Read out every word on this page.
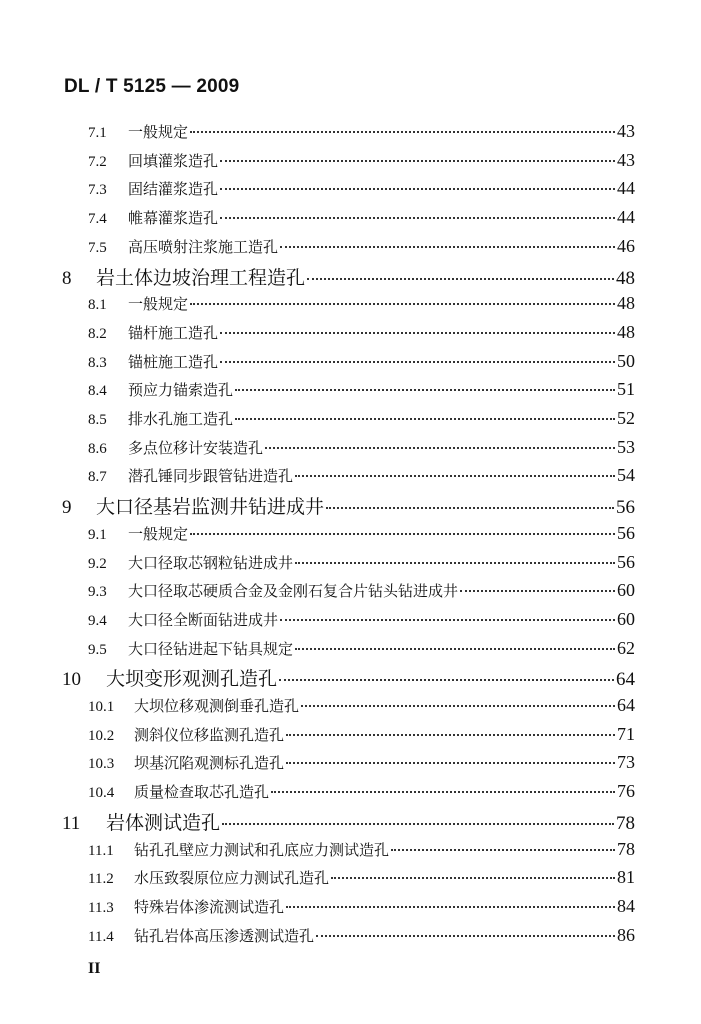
DL / T 5125 — 2009
7.1	一般规定	43
7.2	回填灌浆造孔	43
7.3	固结灌浆造孔	44
7.4	帷幕灌浆造孔	44
7.5	高压喷射注浆施工造孔	46
8	岩土体边坡治理工程造孔	48
8.1	一般规定	48
8.2	锚杆施工造孔	48
8.3	锚桩施工造孔	50
8.4	预应力锚索造孔	51
8.5	排水孔施工造孔	52
8.6	多点位移计安装造孔	53
8.7	潜孔锤同步跟管钻进造孔	54
9	大口径基岩监测井钻进成井	56
9.1	一般规定	56
9.2	大口径取芯钢粒钻进成井	56
9.3	大口径取芯硬质合金及金刚石复合片钻头钻进成井	60
9.4	大口径全断面钻进成井	60
9.5	大口径钻进起下钻具规定	62
10	大坝变形观测孔造孔	64
10.1	大坝位移观测倒垂孔造孔	64
10.2	测斜仪位移监测孔造孔	71
10.3	坝基沉陷观测标孔造孔	73
10.4	质量检查取芯孔造孔	76
11	岩体测试造孔	78
11.1	钻孔孔壁应力测试和孔底应力测试造孔	78
11.2	水压致裂原位应力测试孔造孔	81
11.3	特殊岩体渗流测试造孔	84
11.4	钻孔岩体高压渗透测试造孔	86
II
